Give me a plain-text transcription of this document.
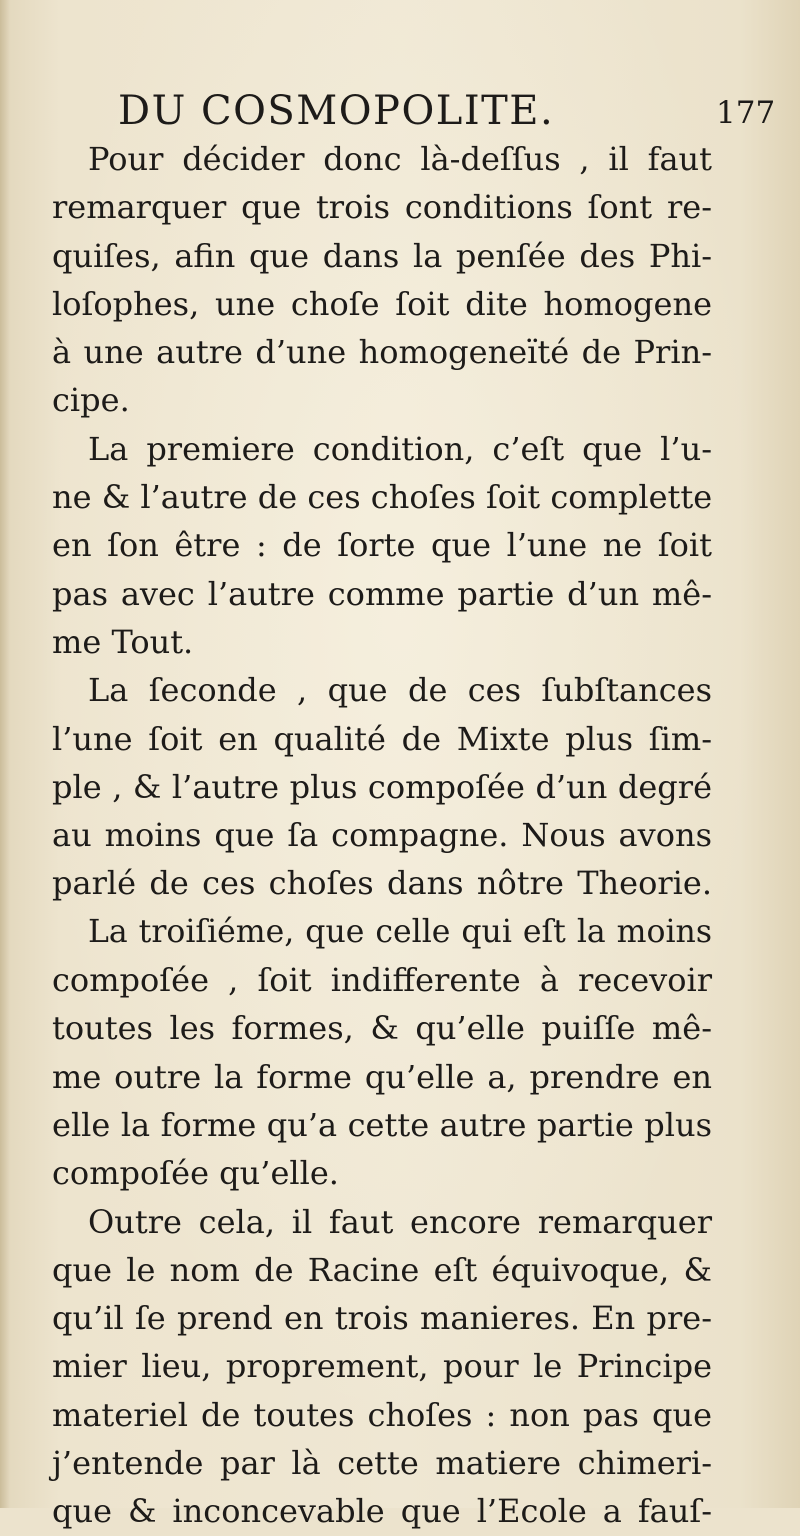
DU COSMOPOLITE.	177
Pour décider donc là-deſſus , il faut
remarquer que trois conditions ſont re-
quiſes, afin que dans la penſée des Phi-
loſophes, une choſe ſoit dite homogene
à une autre d’une homogeneïté de Prin-
cipe.
La premiere condition, c’eſt que l’u-
ne & l’autre de ces choſes ſoit complette
en ſon être : de ſorte que l’une ne ſoit
pas avec l’autre comme partie d’un mê-
me Tout.
La ſeconde , que de ces ſubſtances
l’une ſoit en qualité de Mixte plus ſim-
ple , & l’autre plus compoſée d’un degré
au moins que ſa compagne. Nous avons
parlé de ces choſes dans nôtre Theorie.
La troiſiéme, que celle qui eſt la moins
compoſée , ſoit indifferente à recevoir
toutes les formes, & qu’elle puiſſe mê-
me outre la forme qu’elle a, prendre en
elle la forme qu’a cette autre partie plus
compoſée qu’elle.
Outre cela, il faut encore remarquer
que le nom de Racine eſt équivoque, &
qu’il ſe prend en trois manieres. En pre-
mier lieu, proprement, pour le Principe
materiel de toutes choſes : non pas que
j’entende par là cette matiere chimeri-
que & inconcevable que l’Ecole a fauſ-
